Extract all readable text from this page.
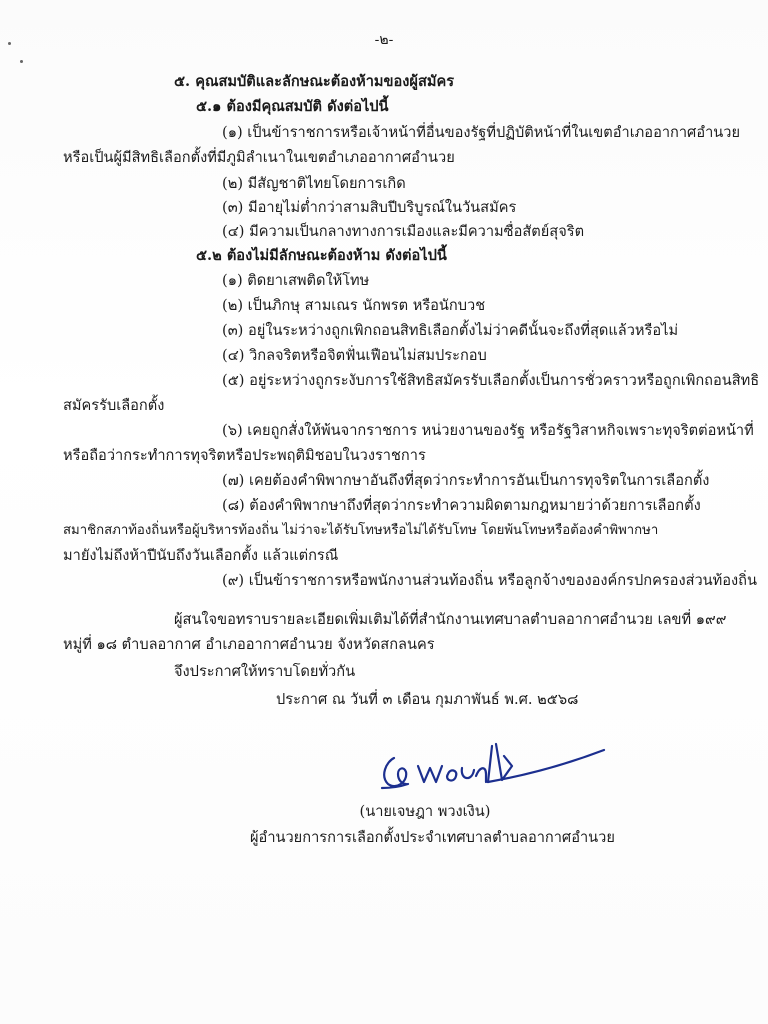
-๒-
๕. คุณสมบัติและลักษณะต้องห้ามของผู้สมัคร
๕.๑ ต้องมีคุณสมบัติ ดังต่อไปนี้
(๑) เป็นข้าราชการหรือเจ้าหน้าที่อื่นของรัฐที่ปฏิบัติหน้าที่ในเขตอำเภออากาศอำนวย
หรือเป็นผู้มีสิทธิเลือกตั้งที่มีภูมิลำเนาในเขตอำเภออากาศอำนวย
(๒) มีสัญชาติไทยโดยการเกิด
(๓) มีอายุไม่ต่ำกว่าสามสิบปีบริบูรณ์ในวันสมัคร
(๔) มีความเป็นกลางทางการเมืองและมีความซื่อสัตย์สุจริต
๕.๒ ต้องไม่มีลักษณะต้องห้าม ดังต่อไปนี้
(๑) ติดยาเสพติดให้โทษ
(๒) เป็นภิกษุ สามเณร นักพรต หรือนักบวช
(๓) อยู่ในระหว่างถูกเพิกถอนสิทธิเลือกตั้งไม่ว่าคดีนั้นจะถึงที่สุดแล้วหรือไม่
(๔) วิกลจริตหรือจิตฟั่นเฟือนไม่สมประกอบ
(๕) อยู่ระหว่างถูกระงับการใช้สิทธิสมัครรับเลือกตั้งเป็นการชั่วคราวหรือถูกเพิกถอนสิทธิ
สมัครรับเลือกตั้ง
(๖) เคยถูกสั่งให้พ้นจากราชการ หน่วยงานของรัฐ หรือรัฐวิสาหกิจเพราะทุจริตต่อหน้าที่
หรือถือว่ากระทำการทุจริตหรือประพฤติมิชอบในวงราชการ
(๗) เคยต้องคำพิพากษาอันถึงที่สุดว่ากระทำการอันเป็นการทุจริตในการเลือกตั้ง
(๘) ต้องคำพิพากษาถึงที่สุดว่ากระทำความผิดตามกฎหมายว่าด้วยการเลือกตั้ง
สมาชิกสภาท้องถิ่นหรือผู้บริหารท้องถิ่น ไม่ว่าจะได้รับโทษหรือไม่ได้รับโทษ โดยพ้นโทษหรือต้องคำพิพากษา
มายังไม่ถึงห้าปีนับถึงวันเลือกตั้ง แล้วแต่กรณี
(๙) เป็นข้าราชการหรือพนักงานส่วนท้องถิ่น หรือลูกจ้างขององค์กรปกครองส่วนท้องถิ่น
ผู้สนใจขอทราบรายละเอียดเพิ่มเติมได้ที่สำนักงานเทศบาลตำบลอากาศอำนวย เลขที่ ๑๙๙
หมู่ที่ ๑๘ ตำบลอากาศ อำเภออากาศอำนวย จังหวัดสกลนคร
จึงประกาศให้ทราบโดยทั่วกัน
ประกาศ ณ วันที่ ๓ เดือน กุมภาพันธ์ พ.ศ. ๒๕๖๘
(นายเจษฎา พวงเงิน)
ผู้อำนวยการการเลือกตั้งประจำเทศบาลตำบลอากาศอำนวย
